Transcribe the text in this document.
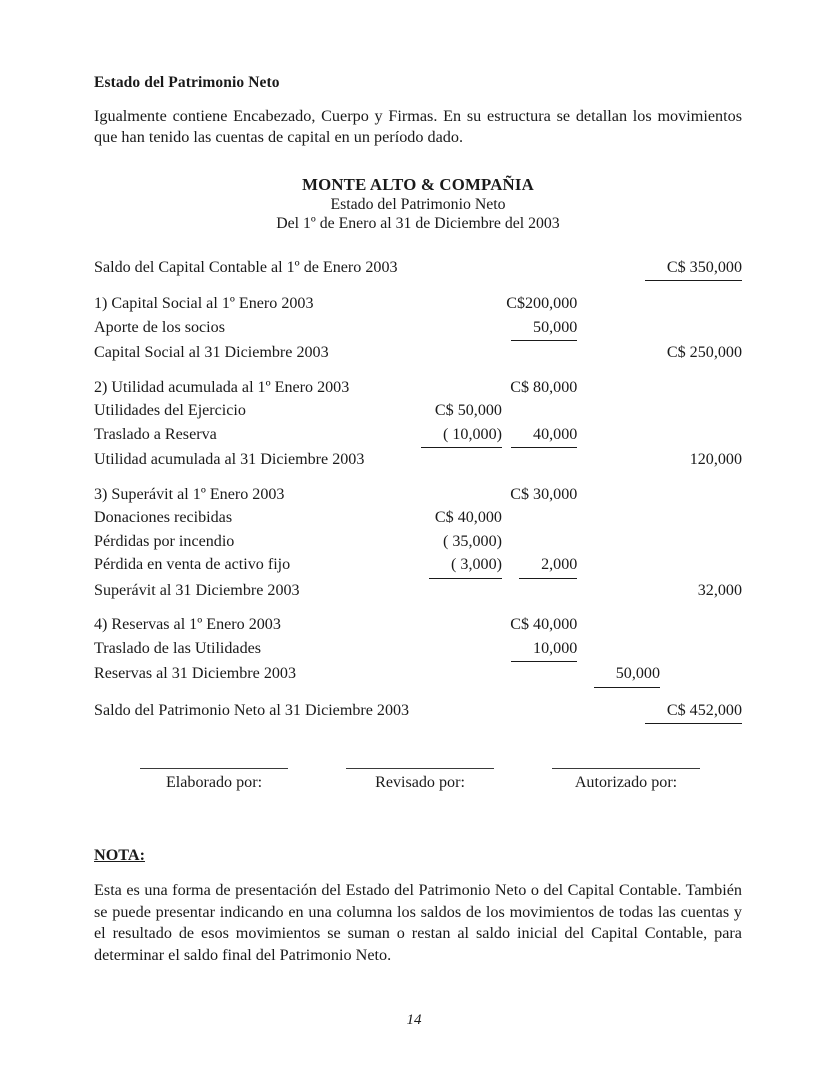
Estado del Patrimonio Neto

Igualmente contiene Encabezado, Cuerpo y Firmas. En su estructura se detallan los movimientos que han tenido las cuentas de capital en un período dado.

MONTE ALTO & COMPAÑIA
Estado del Patrimonio Neto
Del 1º de Enero al 31 de Diciembre del 2003
Saldo del Capital Contable al 1º de Enero 2003			C$ 350,000

1) Capital Social al 1º Enero 2003		C$200,000	
Aporte de los socios		50,000	
Capital Social al 31 Diciembre 2003			C$ 250,000

2) Utilidad acumulada al 1º Enero 2003		C$ 80,000	
Utilidades del Ejercicio	C$ 50,000		
Traslado a Reserva	( 10,000)	40,000	
Utilidad acumulada al 31 Diciembre 2003			120,000

3) Superávit al 1º Enero 2003		C$ 30,000	
Donaciones recibidas	C$ 40,000		
Pérdidas por incendio	( 35,000)		
Pérdida en venta de activo fijo	( 3,000)	2,000	
Superávit al 31 Diciembre 2003			32,000

4) Reservas al 1º Enero 2003		C$ 40,000	
Traslado de las Utilidades		10,000	
Reservas al 31 Diciembre 2003			50,000

Saldo del Patrimonio Neto al 31 Diciembre 2003			C$ 452,000
Elaborado por:	Revisado por:	Autorizado por:
NOTA:

Esta es una forma de presentación del Estado del Patrimonio Neto o del Capital Contable. También se puede presentar indicando en una columna los saldos de los movimientos de todas las cuentas y el resultado de esos movimientos se suman o restan al saldo inicial del Capital Contable, para determinar el saldo final del Patrimonio Neto.

14
